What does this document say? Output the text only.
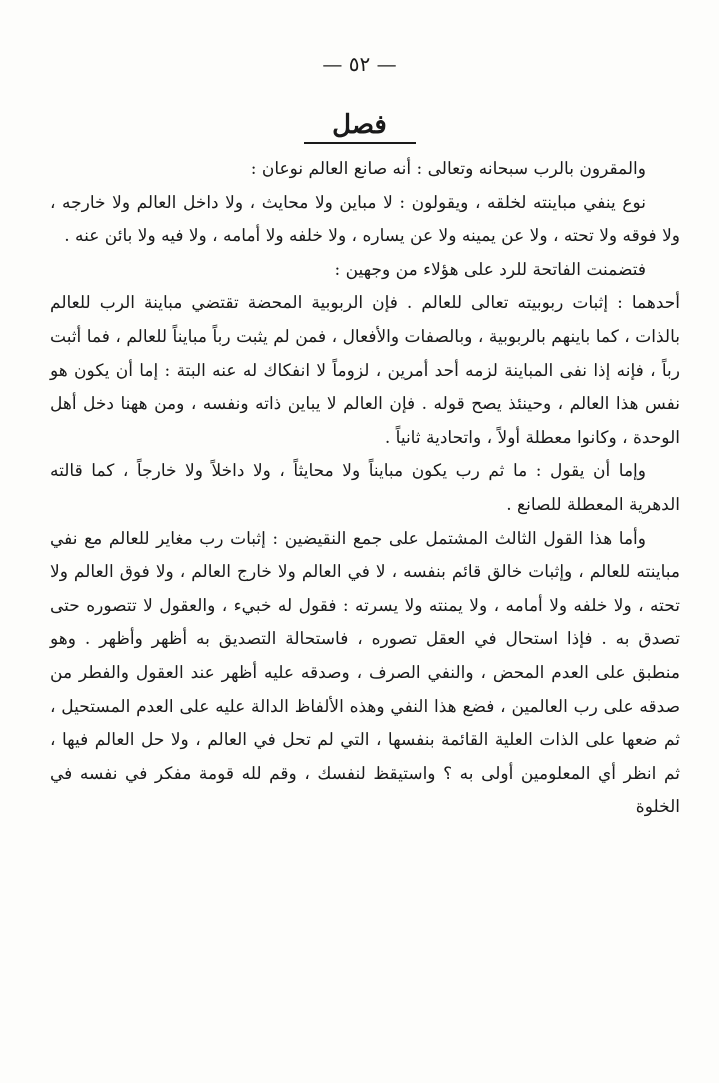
— ٥٢ —
فصل

والمقرون بالرب سبحانه وتعالى : أنه صانع العالم نوعان :

نوع ينفي مباينته لخلقه ، ويقولون : لا مباين ولا محايث ، ولا داخل العالم ولا خارجه ، ولا فوقه ولا تحته ، ولا عن يمينه ولا عن يساره ، ولا خلفه ولا أمامه ، ولا فيه ولا بائن عنه .

فتضمنت الفاتحة للرد على هؤلاء من وجهين :

أحدهما : إثبات ربوبيته تعالى للعالم . فإن الربوبية المحضة تقتضي مباينة الرب للعالم بالذات ، كما باينهم بالربوبية ، وبالصفات والأفعال ، فمن لم يثبت رباً مبايناً للعالم ، فما أثبت رباً ، فإنه إذا نفى المباينة لزمه أحد أمرين ، لزوماً لا انفكاك له عنه البتة : إما أن يكون هو نفس هذا العالم ، وحينئذ يصح قوله . فإن العالم لا يباين ذاته ونفسه ، ومن ههنا دخل أهل الوحدة ، وكانوا معطلة أولاً ، واتحادية ثانياً .

وإما أن يقول : ما ثم رب يكون مبايناً ولا محايثاً ، ولا داخلاً ولا خارجاً ، كما قالته الدهرية المعطلة للصانع .

وأما هذا القول الثالث المشتمل على جمع النقيضين : إثبات رب مغاير للعالم مع نفي مباينته للعالم ، وإثبات خالق قائم بنفسه ، لا في العالم ولا خارج العالم ، ولا فوق العالم ولا تحته ، ولا خلفه ولا أمامه ، ولا يمنته ولا يسرته : فقول له خبيء ، والعقول لا تتصوره حتى تصدق به . فإذا استحال في العقل تصوره ، فاستحالة التصديق به أظهر وأظهر . وهو منطبق على العدم المحض ، والنفي الصرف ، وصدقه عليه أظهر عند العقول والفطر من صدقه على رب العالمين ، فضع هذا النفي وهذه الألفاظ الدالة عليه على العدم المستحيل ، ثم ضعها على الذات العلية القائمة بنفسها ، التي لم تحل في العالم ، ولا حل العالم فيها ، ثم انظر أي المعلومين أولى به ؟ واستيقظ لنفسك ، وقم لله قومة مفكر في نفسه في الخلوة
